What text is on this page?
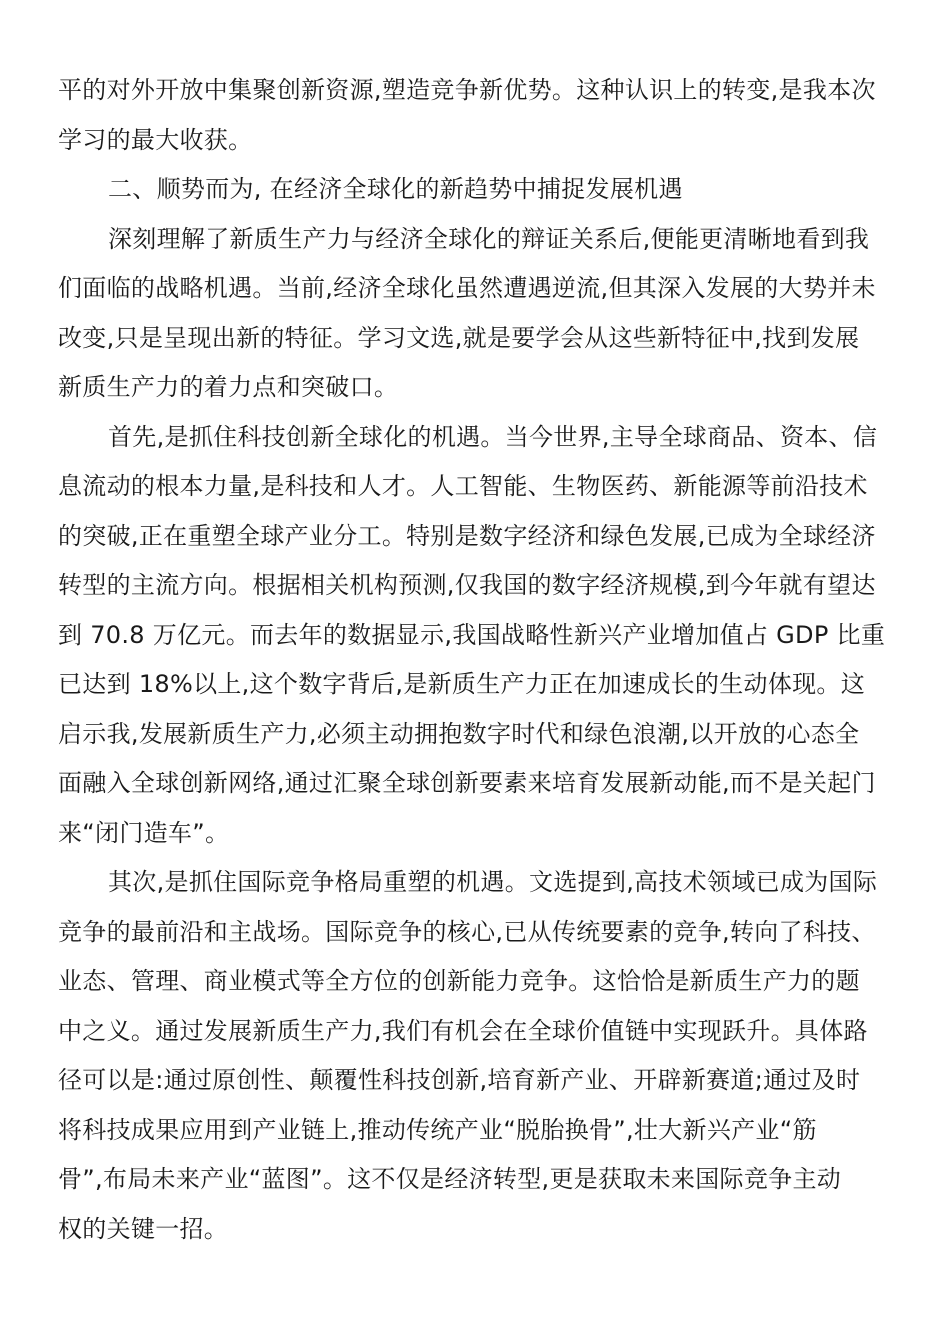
平的对外开放中集聚创新资源,塑造竞争新优势。这种认识上的转变,是我本次
学习的最大收获。
二、顺势而为, 在经济全球化的新趋势中捕捉发展机遇
深刻理解了新质生产力与经济全球化的辩证关系后,便能更清晰地看到我
们面临的战略机遇。当前,经济全球化虽然遭遇逆流,但其深入发展的大势并未
改变,只是呈现出新的特征。学习文选,就是要学会从这些新特征中,找到发展
新质生产力的着力点和突破口。
首先,是抓住科技创新全球化的机遇。当今世界,主导全球商品、资本、信
息流动的根本力量,是科技和人才。人工智能、生物医药、新能源等前沿技术
的突破,正在重塑全球产业分工。特别是数字经济和绿色发展,已成为全球经济
转型的主流方向。根据相关机构预测,仅我国的数字经济规模,到今年就有望达
到 70.8 万亿元。而去年的数据显示,我国战略性新兴产业增加值占 GDP 比重
已达到 18%以上,这个数字背后,是新质生产力正在加速成长的生动体现。这
启示我,发展新质生产力,必须主动拥抱数字时代和绿色浪潮,以开放的心态全
面融入全球创新网络,通过汇聚全球创新要素来培育发展新动能,而不是关起门
来“闭门造车”。
其次,是抓住国际竞争格局重塑的机遇。文选提到,高技术领域已成为国际
竞争的最前沿和主战场。国际竞争的核心,已从传统要素的竞争,转向了科技、
业态、管理、商业模式等全方位的创新能力竞争。这恰恰是新质生产力的题
中之义。通过发展新质生产力,我们有机会在全球价值链中实现跃升。具体路
径可以是:通过原创性、颠覆性科技创新,培育新产业、开辟新赛道;通过及时
将科技成果应用到产业链上,推动传统产业“脱胎换骨”,壮大新兴产业“筋
骨”,布局未来产业“蓝图”。这不仅是经济转型,更是获取未来国际竞争主动
权的关键一招。
